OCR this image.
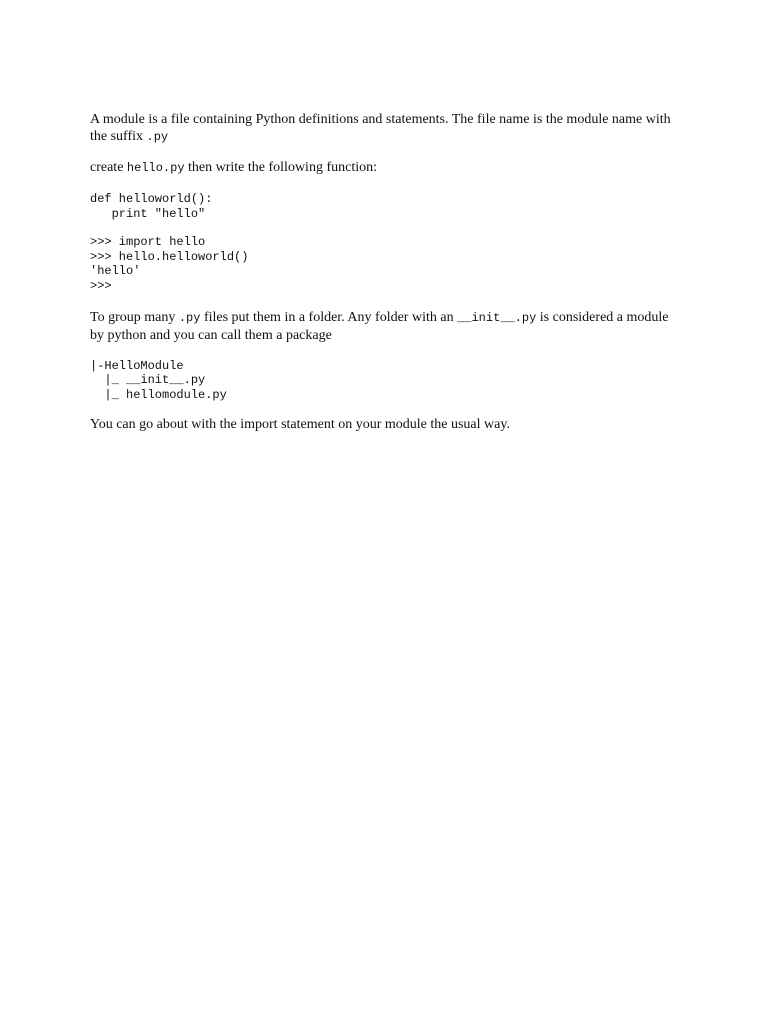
A module is a file containing Python definitions and statements. The file name is the module name with the suffix .py

create hello.py then write the following function:

def helloworld():
print "hello"
>>> import hello
>>> hello.helloworld()
'hello'
>>>

To group many .py files put them in a folder. Any folder with an __init__.py is considered a module by python and you can call them a package

|-HelloModule
|_ __init__.py
|_ hellomodule.py

You can go about with the import statement on your module the usual way.
